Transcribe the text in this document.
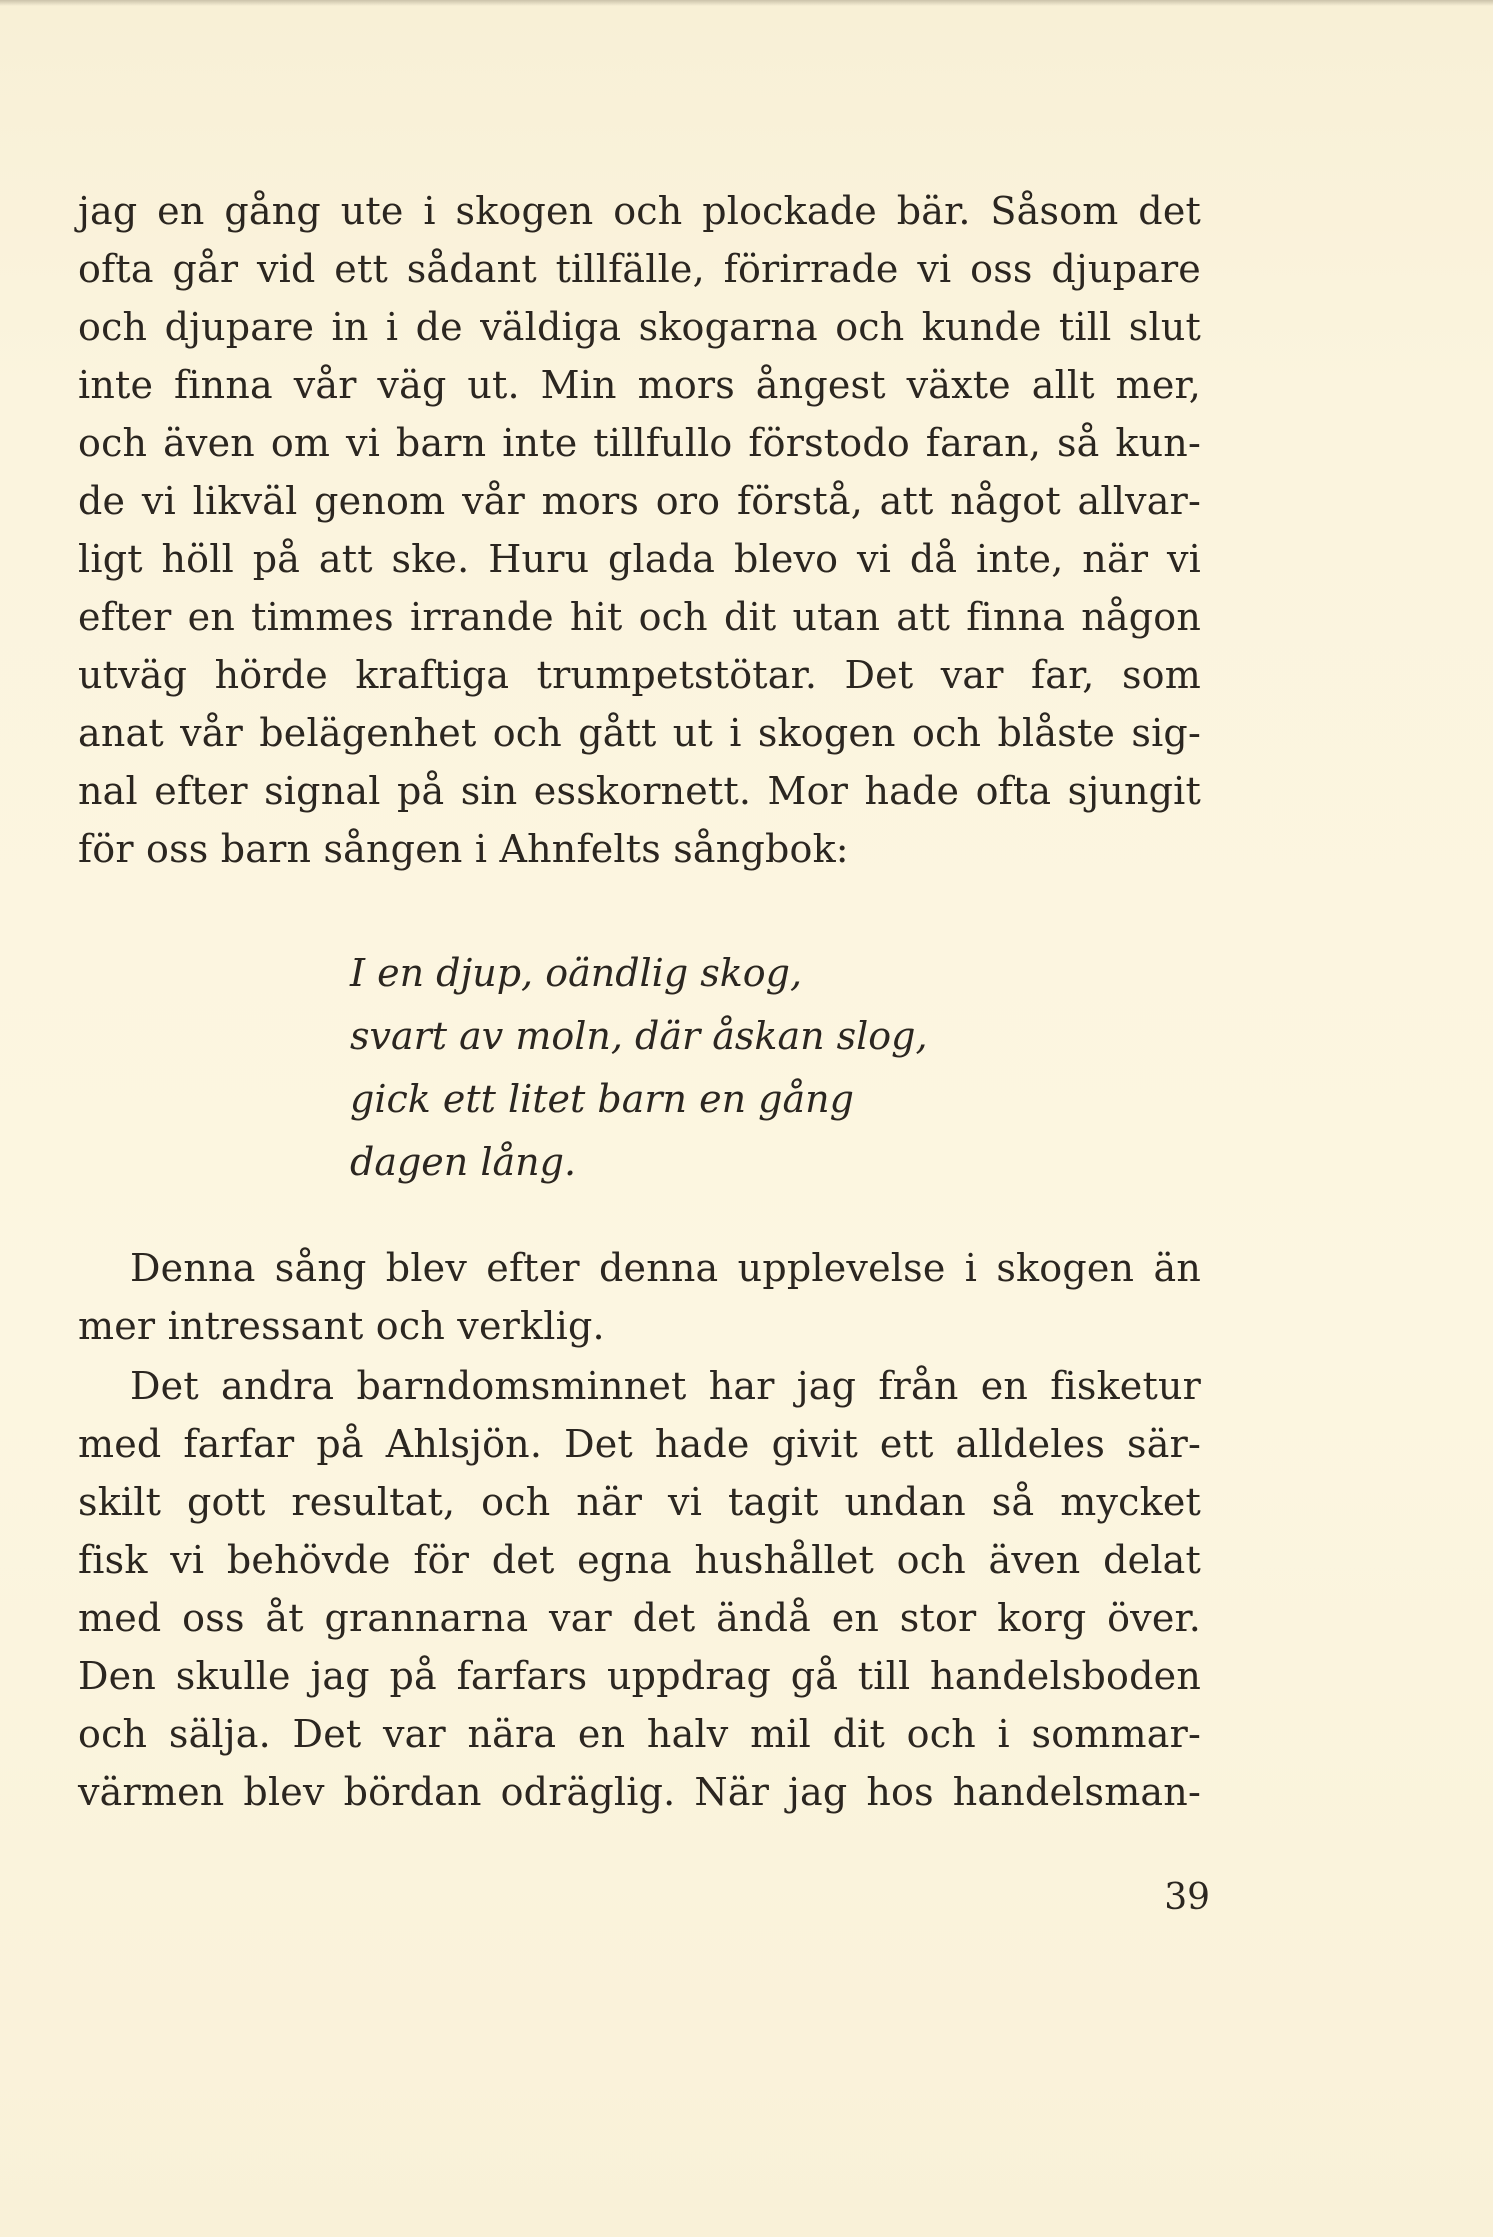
jag en gång ute i skogen och plockade bär. Såsom det
ofta går vid ett sådant tillfälle, förirrade vi oss djupare
och djupare in i de väldiga skogarna och kunde till slut
inte finna vår väg ut. Min mors ångest växte allt mer,
och även om vi barn inte tillfullo förstodo faran, så kun-
de vi likväl genom vår mors oro förstå, att något allvar-
ligt höll på att ske. Huru glada blevo vi då inte, när vi
efter en timmes irrande hit och dit utan att finna någon
utväg hörde kraftiga trumpetstötar. Det var far, som
anat vår belägenhet och gått ut i skogen och blåste sig-
nal efter signal på sin esskornett. Mor hade ofta sjungit
för oss barn sången i Ahnfelts sångbok:
I en djup, oändlig skog,
svart av moln, där åskan slog,
gick ett litet barn en gång
dagen lång.
Denna sång blev efter denna upplevelse i skogen än
mer intressant och verklig.
Det andra barndomsminnet har jag från en fisketur
med farfar på Ahlsjön. Det hade givit ett alldeles sär-
skilt gott resultat, och när vi tagit undan så mycket
fisk vi behövde för det egna hushållet och även delat
med oss åt grannarna var det ändå en stor korg över.
Den skulle jag på farfars uppdrag gå till handelsboden
och sälja. Det var nära en halv mil dit och i sommar-
värmen blev bördan odräglig. När jag hos handelsman-
39
